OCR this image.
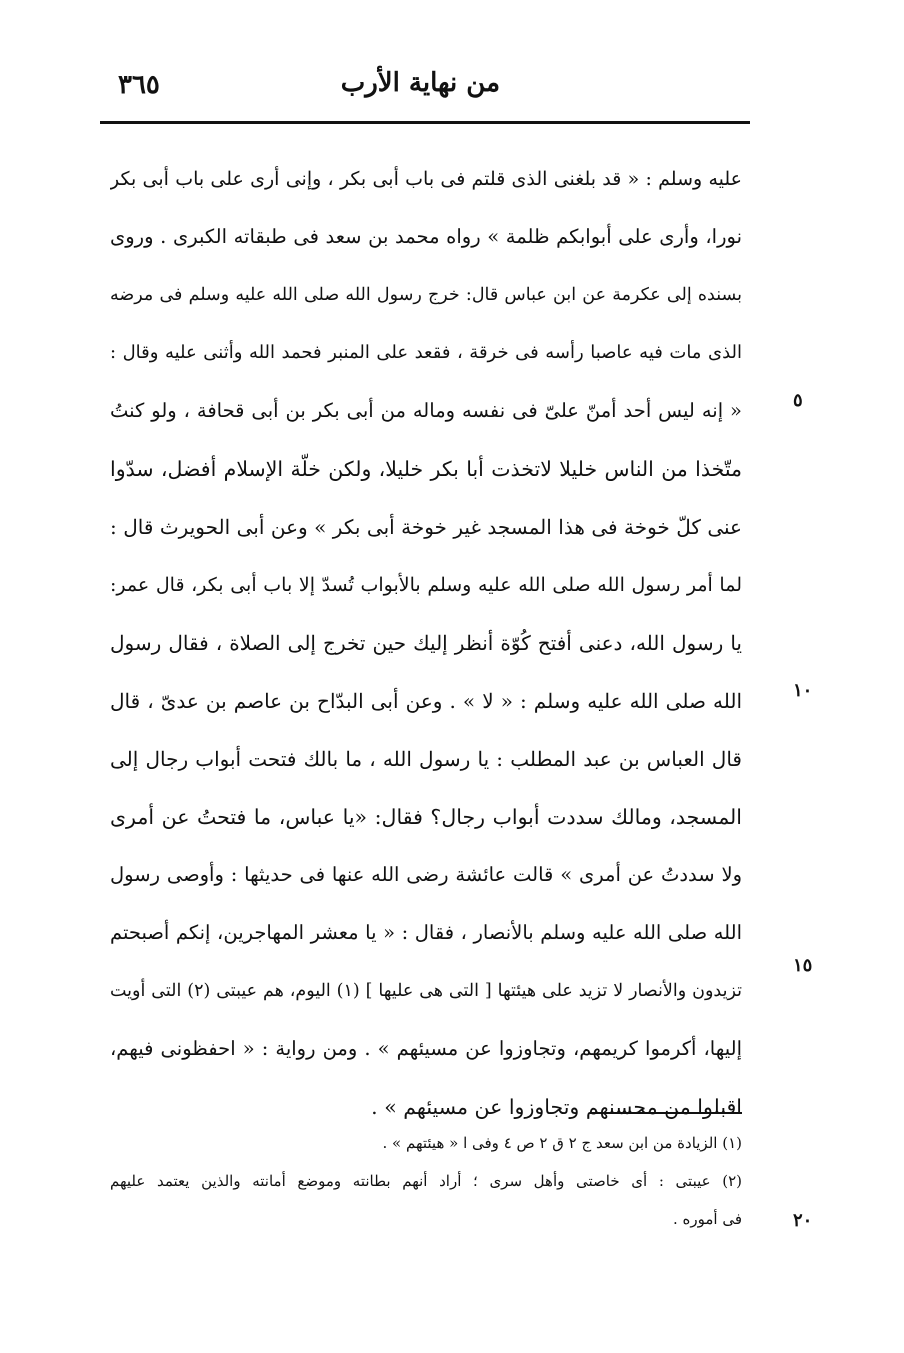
من نهاية الأرب
٣٦٥
عليه وسلم : « قد بلغنى الذى قلتم فى باب أبى بكر ، وإنى أرى على باب أبى بكر
نورا، وأرى على أبوابكم ظلمة » رواه محمد بن سعد فى طبقاته الكبرى . وروى
بسنده إلى عكرمة عن ابن عباس قال: خرج رسول الله صلى الله عليه وسلم فى مرضه
الذى مات فيه عاصبا رأسه فى خرقة ، فقعد على المنبر فحمد الله وأثنى عليه وقال :
« إنه ليس أحد أمنّ علىّ فى نفسه وماله من أبى بكر بن أبى قحافة ، ولو كنتُ
متّخذا من الناس خليلا لاتخذت أبا بكر خليلا، ولكن خلّة الإسلام أفضل، سدّوا
عنى كلّ خوخة فى هذا المسجد غير خوخة أبى بكر » وعن أبى الحويرث قال :
لما أمر رسول الله صلى الله عليه وسلم بالأبواب تُسدّ إلا باب أبى بكر، قال عمر:
يا رسول الله، دعنى أفتح كُوّة أنظر إليك حين تخرج إلى الصلاة ، فقال رسول
الله صلى الله عليه وسلم : « لا » . وعن أبى البدّاح بن عاصم بن عدىّ ، قال
قال العباس بن عبد المطلب : يا رسول الله ، ما بالك فتحت أبواب رجال إلى
المسجد، ومالك سددت أبواب رجال؟ فقال: «يا عباس، ما فتحتُ عن أمرى
ولا سددتُ عن أمرى » قالت عائشة رضى الله عنها فى حديثها : وأوصى رسول
الله صلى الله عليه وسلم بالأنصار ، فقال : « يا معشر المهاجرين، إنكم أصبحتم
تزيدون والأنصار لا تزيد على هيئتها [ التى هى عليها ] (١) اليوم، هم عيبتى (٢) التى أويت
إليها، أكرموا كريمهم، وتجاوزوا عن مسيئهم » . ومن رواية : « احفظونى فيهم،
اقبلوا من محسنهم وتجاوزوا عن مسيئهم » .
٥
١٠
١٥
٢٠
(١) الزيادة من ابن سعد ج ٢ ق ٢ ص ٤ وفى ا « هيئتهم » .
(٢) عيبتى : أى خاصتى وأهل سرى ؛ أراد أنهم بطانته وموضع أمانته والذين يعتمد عليهم
فى أموره .
